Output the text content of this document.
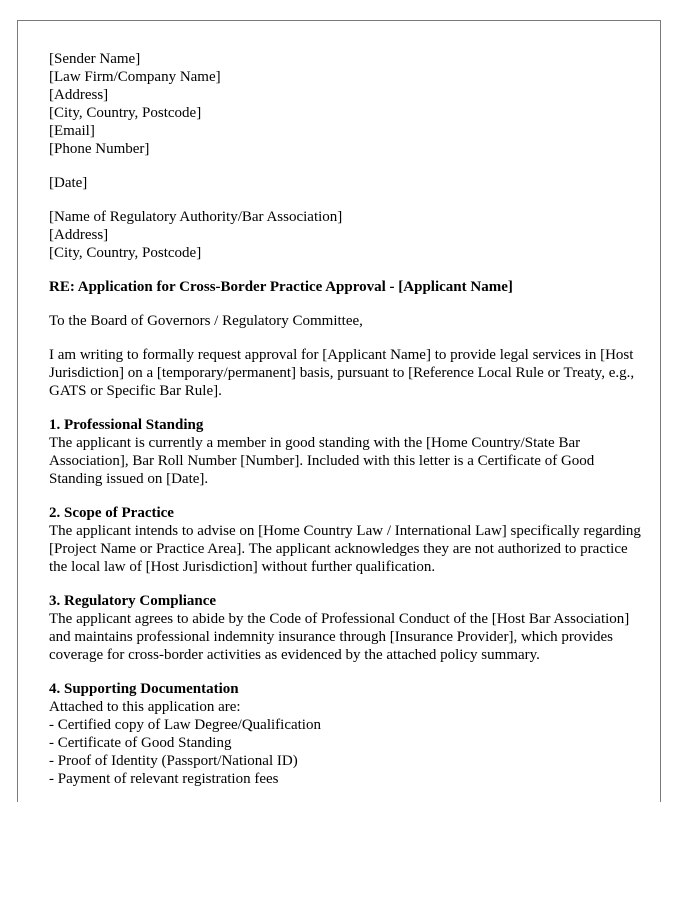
[Sender Name]
[Law Firm/Company Name]
[Address]
[City, Country, Postcode]
[Email]
[Phone Number]
[Date]
[Name of Regulatory Authority/Bar Association]
[Address]
[City, Country, Postcode]
RE: Application for Cross-Border Practice Approval - [Applicant Name]

To the Board of Governors / Regulatory Committee,

I am writing to formally request approval for [Applicant Name] to provide legal services in [Host Jurisdiction] on a [temporary/permanent] basis, pursuant to [Reference Local Rule or Treaty, e.g., GATS or Specific Bar Rule].

1. Professional Standing
The applicant is currently a member in good standing with the [Home Country/State Bar Association], Bar Roll Number [Number]. Included with this letter is a Certificate of Good Standing issued on [Date].
2. Scope of Practice
The applicant intends to advise on [Home Country Law / International Law] specifically regarding [Project Name or Practice Area]. The applicant acknowledges they are not authorized to practice the local law of [Host Jurisdiction] without further qualification.
3. Regulatory Compliance
The applicant agrees to abide by the Code of Professional Conduct of the [Host Bar Association] and maintains professional indemnity insurance through [Insurance Provider], which provides coverage for cross-border activities as evidenced by the attached policy summary.
4. Supporting Documentation
Attached to this application are:
- Certified copy of Law Degree/Qualification
- Certificate of Good Standing
- Proof of Identity (Passport/National ID)
- Payment of relevant registration fees
